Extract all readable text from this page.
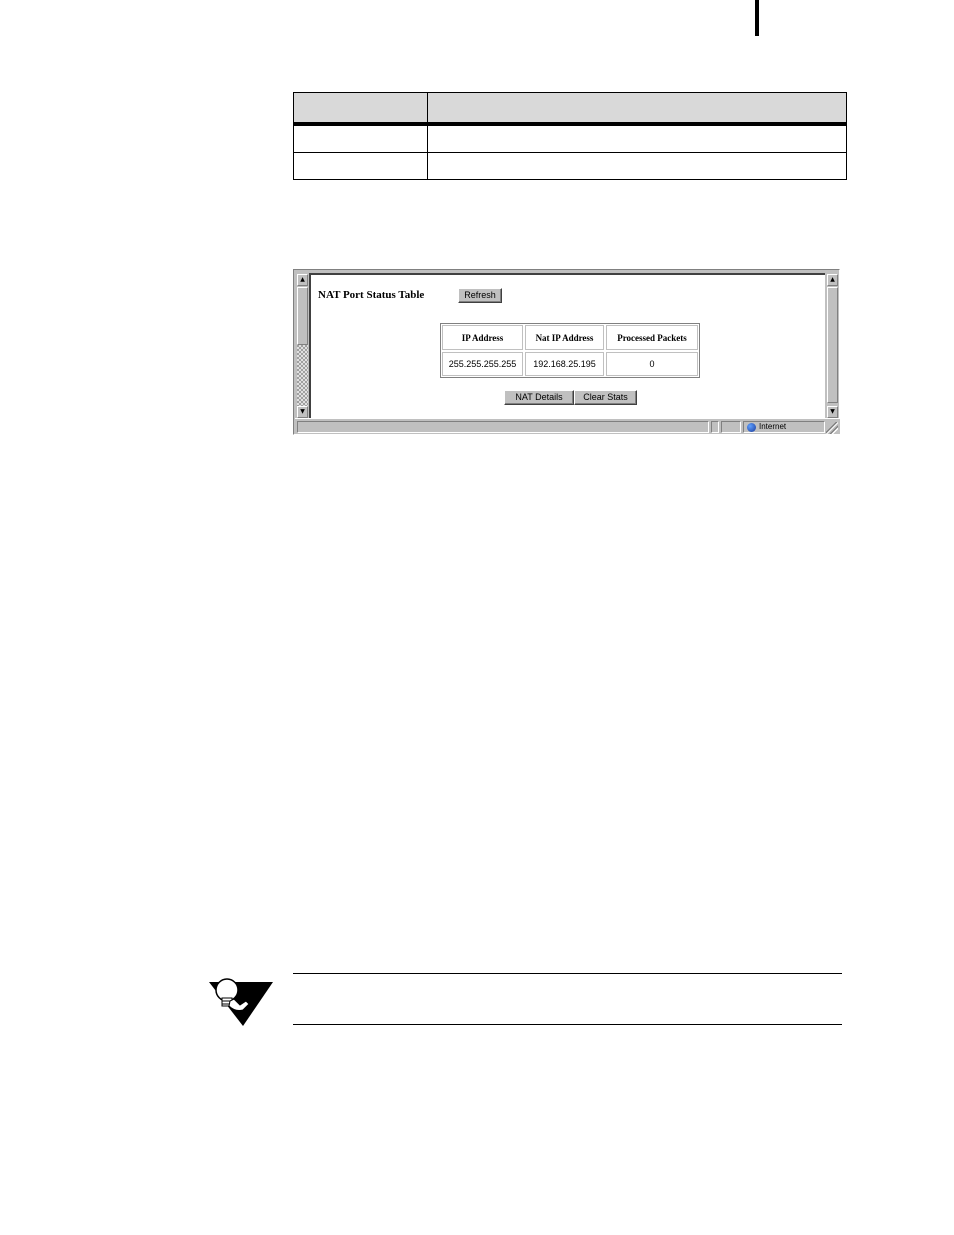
▲
▼
NAT Port Status Table	Refresh
IP Address	Nat IP Address	Processed Packets
255.255.255.255	192.168.25.195	0
NAT Details	Clear Stats
▲
▼
Internet
